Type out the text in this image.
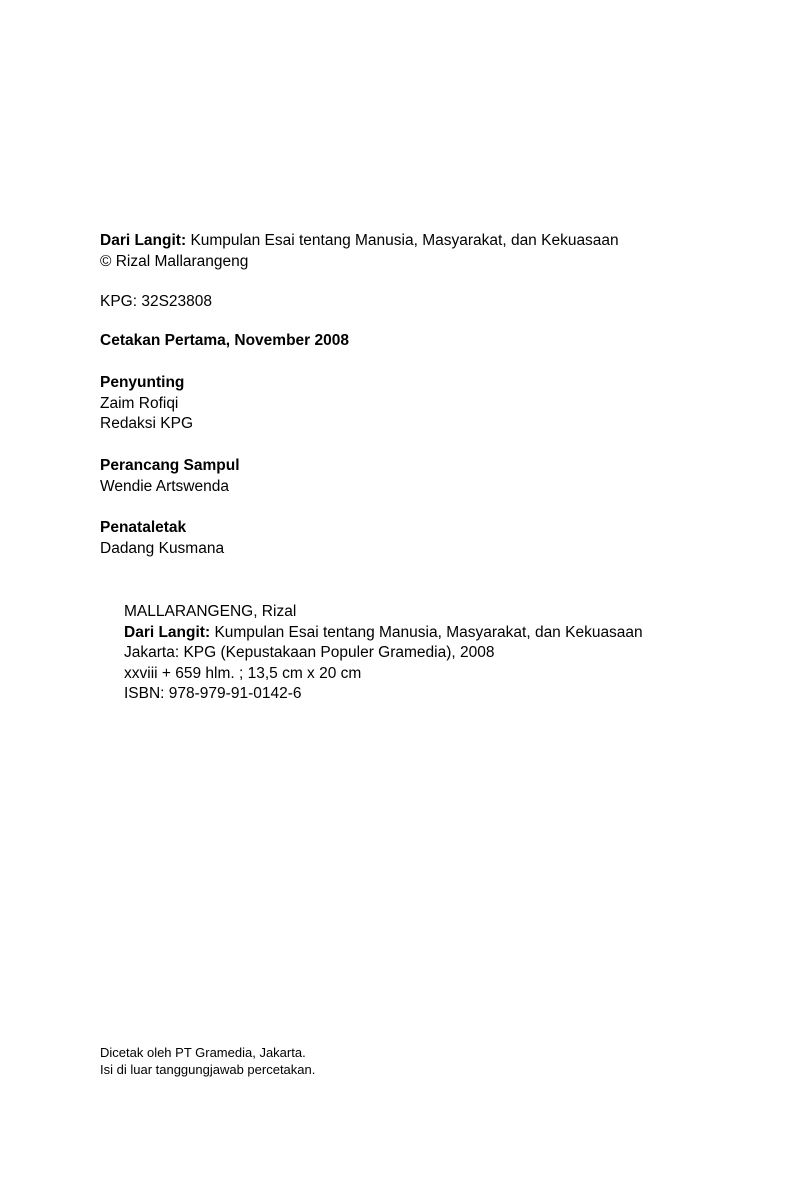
Dari Langit: Kumpulan Esai tentang Manusia, Masyarakat, dan Kekuasaan
© Rizal Mallarangeng
KPG: 32S23808
Cetakan Pertama, November 2008
Penyunting
Zaim Rofiqi
Redaksi KPG
Perancang Sampul
Wendie Artswenda
Penataletak
Dadang Kusmana
MALLARANGENG, Rizal
Dari Langit: Kumpulan Esai tentang Manusia, Masyarakat, dan Kekuasaan
Jakarta: KPG (Kepustakaan Populer Gramedia), 2008
xxviii + 659 hlm. ; 13,5 cm x 20 cm
ISBN: 978-979-91-0142-6
Dicetak oleh PT Gramedia, Jakarta.
Isi di luar tanggungjawab percetakan.
